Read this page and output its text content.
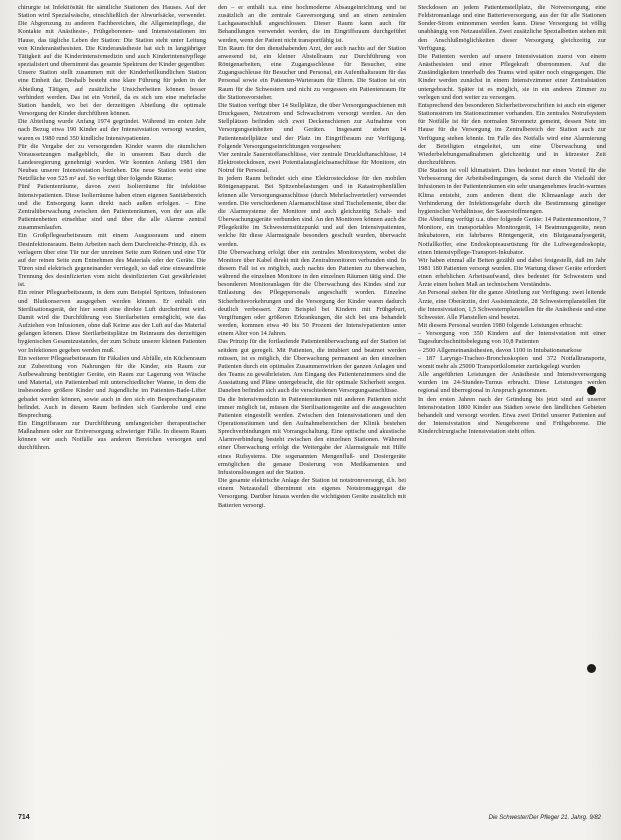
chirurgie ist Infektiösität für sämtliche Stationen des Hauses. Auf der Station wird Spezialwäsche, einschließlich der Abwurfsäcke, verwendet. Die Abgrenzung zu anderen Fachbereichen, die Allgemeinpflege, die Kontakte mit Anästhesie-, Frühgeborenen- und Intensivstationen im Hause, das tägliche Leben der Station: Die Station steht unter Leitung von Kinderanästhesisten. Die Kinderanästhesie hat sich in langjähriger Tätigkeit auf die Kinderintensivmedizin und auch Kinderintensivpflege spezialisiert und übernimmt das gesamte Spektrum der Kinder gegenüber.

Unsere Station stellt zusammen mit der Kinderheilkundlichen Station eine Einheit dar. Deshalb besteht eine klare Führung für jeden in der Abteilung Tätigen, auf zusätzliche Unsicherheiten können besser verhindert werden. Das ist ein Vorteil, da es sich um eine mehrfache Station handelt, wo bei der derzeitigen Abteilung die optimale Versorgung der Kinder durchführen können.

Die Abteilung wurde Anfang 1974 gegründet. Während im ersten Jahr nach Bezug etwa 190 Kinder auf der Intensivstation versorgt wurden, waren es 1980 rund 350 kindliche Intensivpatienten.

Für die Vergabe der zu versorgenden Kinder waren die räumlichen Voraussetzungen maßgeblich, die in unserem Bau durch die Landesregierung genehmigt wurden. Wir konnten Anfang 1981 den Neubau unserer Intensivstation beziehen. Die neue Station weist eine Netzfläche von 525 m² auf. So verfügt über folgende Räume:

Fünf Patientenräume, davon zwei Isolierräume für infektiöse Intensivpatienten. Diese Isolierräume haben einen eigenen Sanitärbereich und die Entsorgung kann direkt nach außen erfolgen. – Eine Zentralüberwachung zwischen den Patientenräumen, von der aus alle Patientenbetten einsehbar sind und über die alle Alarme zentral zusammenlaufen.

Ein Großpflegearbeitsraum mit einem Ausgussraum und einem Desinfektionsraum. Beim Arbeiten nach dem Durchreiche-Prinzip, d.h. es verlagern über eine Tür nur der unreinen Seite zum Reinen und eine Tür auf der reinen Seite zum Entnehmen des Materials oder der Geräte. Die Türen sind elektrisch gegeneinander verriegelt, so daß eine einwandfreie Trennung des desinfizierten vom nicht desinfizierten Gut gewährleistet ist.

Ein reiner Pflegearbeitsraum, in dem zum Beispiel Spritzen, Infusionen und Blutkonserven ausgegeben werden können. Er enthält ein Sterilisationsgerät, der hier somit eine direkte Luft durchströmt wird. Damit wird die Durchführung von Sterilarbeiten ermöglicht, wie das Aufziehen von Infusionen, ohne daß Keime aus der Luft auf das Material gelangen können. Diese Sterilarbeitsplätze im Reinraum des derzeitigen hygienischen Gesamtzustandes, der zum Schutz unserer kleinen Patienten vor Infektionen gegeben werden muß.

Ein weiterer Pflegearbeitsraum für Fäkalien und Abfälle, ein Küchenraum zur Zubereitung von Nahrungen für die Kinder, ein Raum zur Aufbewahrung benötigter Geräte, ein Raum zur Lagerung von Wäsche und Material, ein Patientenbad mit unterschiedlicher Wanne, in dem die insbesondere größere Kinder und Jugendliche im Patienten-Bade-Lifter gebadet werden können, sowie auch in den sich ein Besprechungsraum befindet. Auch in diesem Raum befinden sich Garderobe und eine Besprechung.

Ein Eingriffsraum zur Durchführung umfangreicher therapeutischer Maßnahmen oder zur Erstversorgung schwieriger Fälle. In diesem Raum können wir auch Notfälle aus anderen Bereichen versorgen und durchführen.

den – er enthält u.a. eine hochmoderne Absaugeinrichtung und ist zusätzlich an die zentrale Gasversorgung und an einen zentralen Lachgasanschluß angeschlossen. Dieser Raum kann auch für Behandlungen verwendet werden, die im Eingriffsraum durchgeführt werden, wenn der Patient nicht transportfähig ist.

Ein Raum für den diensthabenden Arzt, der auch nachts auf der Station anwesend ist, ein kleiner Abstellraum zur Durchführung von Röntgenarbeiten, eine Zugangsschleuse für Besucher, eine Zugangsschleuse für Besucher und Personal, ein Aufenthaltsraum für das Personal sowie ein Patienten-Warteraum für Eltern. Die Station ist ein Raum für die Schwestern und nicht zu vergessen ein Patientenraum für die Stationsvorsteher.

Die Station verfügt über 14 Stellplätze, die über Versorgungsschienen mit Druckgasen, Netzstrom und Schwachstrom versorgt werden. An den Stellplätzen befinden sich zwei Deckenschienen zur Aufnahme von Versorgungseinheiten und Geräten. Insgesamt stehen 14 Patientenstellplätze und der Platz im Eingriffsraum zur Verfügung. Folgende Versorgungseinrichtungen vorgesehen:

Vier zentrale Sauerstoffanschlüsse, vier zentrale Druckluftanschlüsse, 14 Elektrosteckdosen, zwei Potentialausgleichsanschlüsse für Monitore, ein Notruf für Personal.

In jedem Raum befindet sich eine Elektrosteckdose für den mobilen Röntgenapparat. Bei Spitzenbelastungen und in Katastrophenfällen können alle Versorgungsanschlüsse (durch Mehrfachverteiler) verwendet werden. Die verschiedenen Alarmanschlüsse sind Tischelemente, über die die Alarmsysteme der Monitore und auch gleichzeitig Schalt- und Überwachungsgeräte verbunden sind. An den Monitoren können auch die Pflegekräfte im Schwesternstützpunkt und auf den Intensivpatienten, welche für diese Alarmsignale besonders geschult wurden, überwacht werden.

Die Überwachung erfolgt über ein zentrales Monitorsystem, wobei die Monitore über Kabel direkt mit den Zentralmonitoren verbunden sind. In diesem Fall ist es möglich, auch nachts den Patienten zu überwachen, während die einzelnen Monitore in den einzelnen Räumen tätig sind. Die besonderen Monitoranlagen für die Überwachung des Kindes sind zur Entlastung des Pflegepersonals angeschafft worden. Einzelne Sicherheitsvorkehrungen und die Versorgung der Kinder waren dadurch deutlich verbessert. Zum Beispiel bei Kindern mit Frühgeburt, Vergiftungen oder größeren Erkrankungen, die sich bei uns behandelt werden, kommen etwa 40 bis 50 Prozent der Intensivpatienten unter einem Alter von 14 Jahren.

Das Prinzip für die fortlaufende Patientenüberwachung auf der Station ist seitdem gut geregelt. Mit Patienten, die intubiert und beatmet werden müssen, ist es möglich, die Überwachung permanent an den einzelnen Patienten durch ein optimales Zusammenwirken der ganzen Anlagen und des Teams zu gewährleisten. Am Eingang des Patientenzimmers sind die Ausstattung und Pläne untergebracht, die für optimale Sicherheit sorgen. Daneben befinden sich auch die verschiedenen Versorgungsanschlüsse.

Da die Intensivmedizin in Patientenräumen mit anderen Patienten nicht immer möglich ist, müssen die Sterilisationsgeräte auf die ausgesuchten Patienten eingestellt werden. Zwischen den Intensivstationen und den Operationsräumen und den Aufnahmebereichen der Klinik bestehen Sprechverbindungen mit Vorrangschaltung. Eine optische und akustische Alarmverbindung besteht zwischen den einzelnen Stationen. Während einer Überwachung erfolgt die Weitergabe der Alarmsignale mit Hilfe eines Rufsystems. Die sogenannten Mengenfluß- und Dosiergeräte ermöglichen die genaue Dosierung von Medikamenten und Infusionslösungen auf der Station.

Die gesamte elektrische Anlage der Station ist notstromversorgt, d.h. bei einem Netzausfall übernimmt ein eigenes Notstromaggregat die Versorgung. Darüber hinaus werden die wichtigsten Geräte zusätzlich mit Batterien versorgt.

Steckdosen an jedem Patientenstellplatz, die Notversorgung, eine Feldstromanlage und eine Batterieversorgung, aus der für alle Stationen Sonder-Strom entnommen werden kann. Diese Versorgung ist völlig unabhängig von Netzausfällen. Zwei zusätzliche Spezialbetten stehen mit den Anschlußmöglichkeiten dieser Versorgung gleichzeitig zur Verfügung.

Die Patienten werden auf unsere Intensivstation zuerst von einem Anästhesisten und einer Pflegekraft übernommen. Auf die Zuständigkeiten innerhalb des Teams wird später noch eingegangen. Die Kinder werden zunächst in einem Intensivzimmer einer Zentralstation untergebracht. Später ist es möglich, sie in ein anderes Zimmer zu verlegen und dort weiter zu versorgen.

Entsprechend den besonderen Sicherheitsvorschriften ist auch ein eigener Stationsstrom im Stationszimmer vorhanden. Ein zentrales Notrufsystem für Notfälle ist für den normalen Stromnetz gemeint, dessen Netz im Hause für die Versorgung im Zentralbereich der Station auch zur Verfügung stehen könnte. Im Falle des Notfalls wird eine Alarmierung der Beteiligten eingeleitet, um eine Überwachung und Wiederbelebungsmaßnahmen gleichzeitig und in kürzester Zeit durchzuführen.

Die Station ist voll klimatisiert. Dies bedeutet nur einen Vorteil für die Verbesserung der Arbeitsbedingungen, da sonst durch die Vielzahl der Infusionen in der Patientenräumen ein sehr unangenehmes feucht-warmes Klima entsteht, zum anderen dient die Klimaanlage auch der Verhinderung der Infektionsgefahr durch die Bestimmung günstiger hygienischer Verhältnisse, der Sauerstoffmengen.

Die Abteilung verfügt u.a. über folgende Geräte: 14 Patientenmonitore, 7 Monitore, ein transportables Monitorgerät, 14 Beatmungsgeräte, neun Inkubatoren, ein fahrbares Röntgengerät, ein Blutgasanalysegerät, Notfallkoffer, eine Endoskopieausrüstung für die Luftwegendoskopie, einen Intensivpflege-Transport-Inkubator.

Wir haben einmal alle Betten gezählt und dabei festgestellt, daß im Jahr 1981 180 Patienten versorgt wurden. Die Wartung dieser Geräte erfordert einen erheblichen Arbeitsaufwand, dies bedeutet für Schwestern und Ärzte einen hohen Maß an technischem Verständnis.

An Personal stehen für die ganze Abteilung zur Verfügung: zwei leitende Ärzte, eine Oberärztin, drei Assistenzärzte, 28 Schwesternplanstellen für die Intensivstation, 1,5 Schwesternplanstellen für die Anästhesie und eine Schwester. Alle Planstellen sind besetzt.

Mit diesem Personal wurden 1980 folgende Leistungen erbracht:

– Versorgung von 350 Kindern auf der Intensivstation mit einer Tagesdurchschnittsbelegung von 10,8 Patienten

– 2500 Allgemeinanästhesien, davon 1100 in Intubationsnarkose

– 187 Laryngo-Tracheo-Bronchoskopien und 372 Notfalltransporte, womit mehr als 25000 Transportkilometer zurückgelegt wurden

Alle angeführten Leistungen der Anästhesie und Intensivversorgung wurden im 24-Stunden-Turnus erbracht. Diese Leistungen werden regional und überregional in Anspruch genommen.

In den ersten Jahren nach der Gründung bis jetzt sind auf unserer Intensivstation 1800 Kinder aus Städten sowie den ländlichen Gebieten behandelt und versorgt worden. Etwa zwei Drittel unserer Patienten auf der Intensivstation sind Neugeborene und Frühgeborene. Die Kinderchirurgische Intensivstation steht offen.

714	Die Schwester/Der Pfleger 21. Jahrg. 9/82
